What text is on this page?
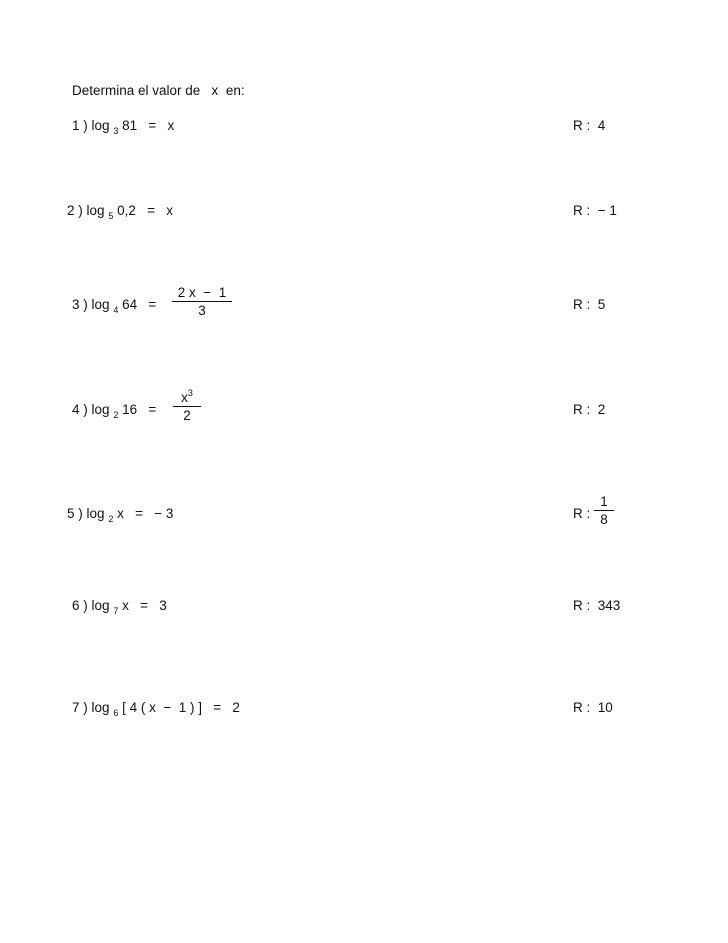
Determina el valor de   x  en:
1 ) log $_3$ 81 =   x	R : 4
2 ) log $_5$ 0,2 =   x	R : − 1
3 ) log $_4$ $64 = \frac{2 x - 1}{3}$	R : 5
4 ) log $_2$ $16 = \frac{x^3}{2}$	R : 2
5 ) log $_2$ x =   − 3	R : $\frac{1}{8}$
6 ) log $_7$ x =   3	R : 343
7 ) log $_6$ [ 4 ( x  −  1 ) ] =   2	R : 10
